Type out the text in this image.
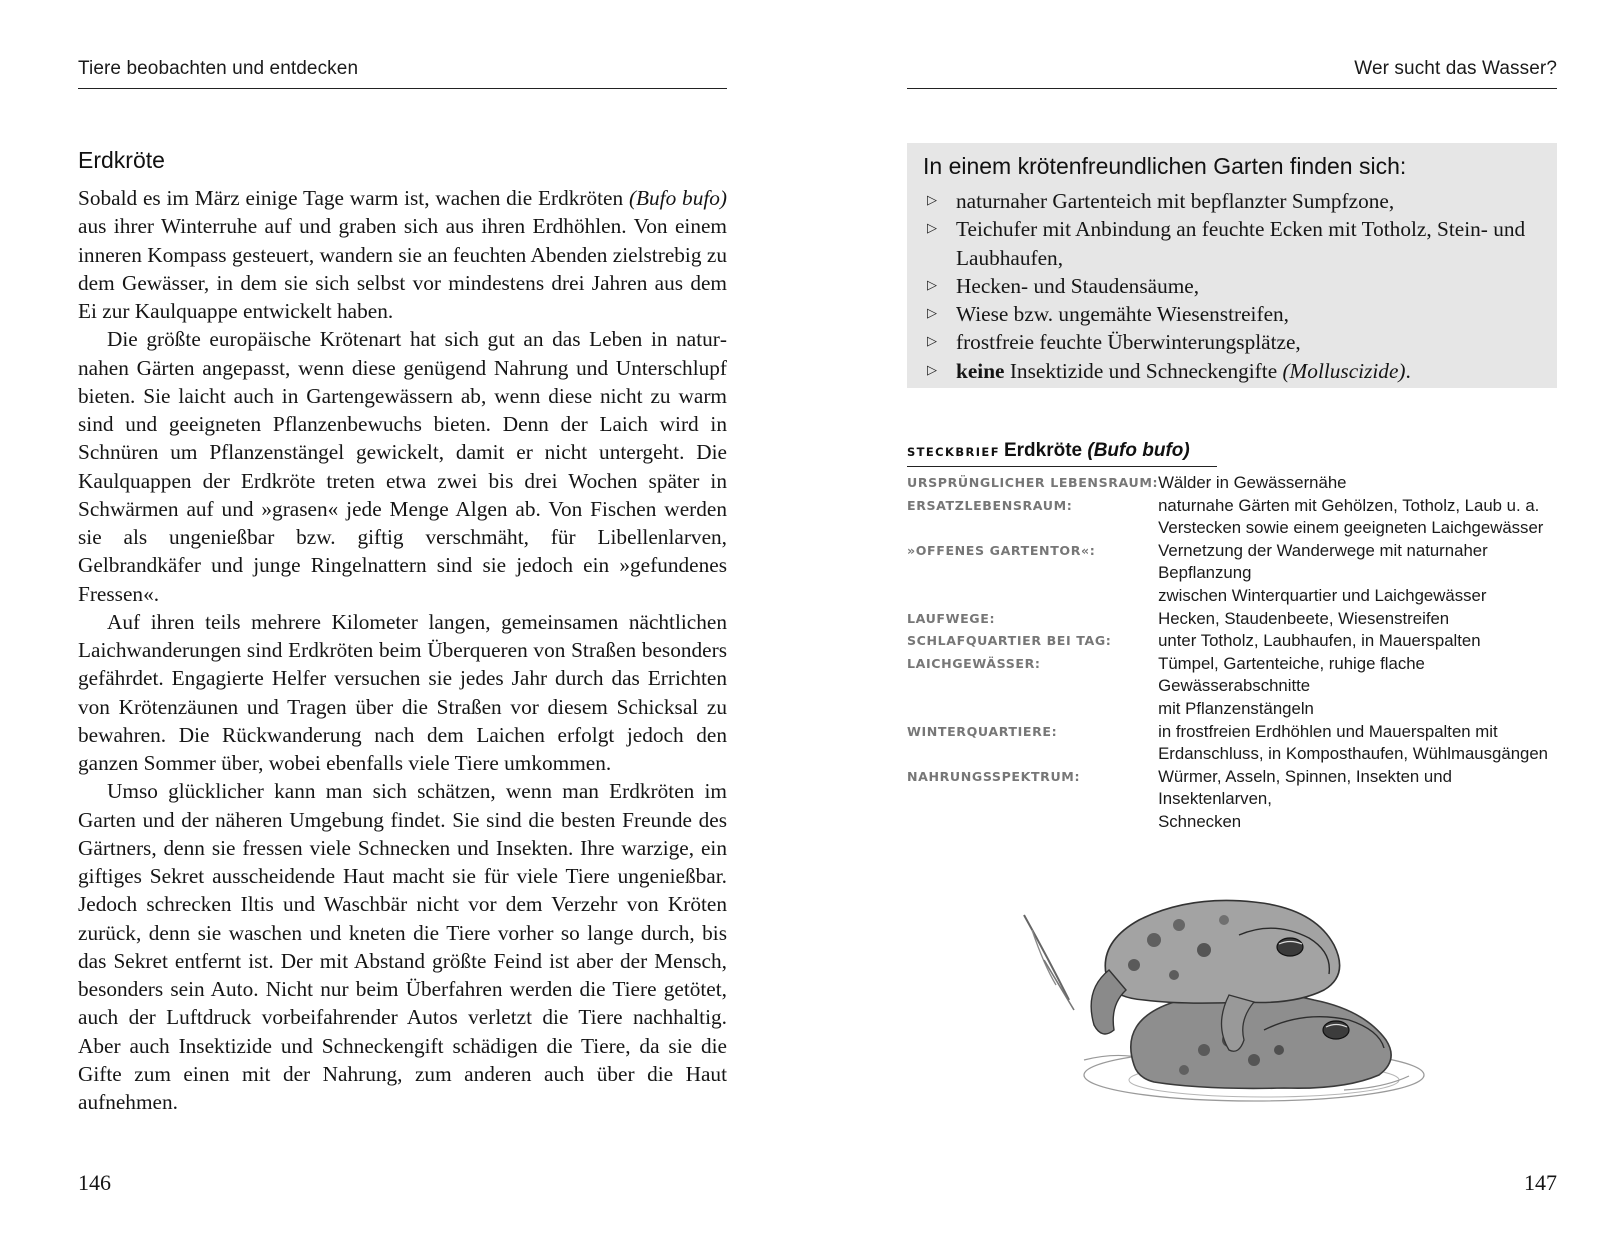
Tiere beobachten und entdecken
Erdkröte

Sobald es im März einige Tage warm ist, wachen die Erdkröten (Bufo bufo) aus ihrer Winterruhe auf und graben sich aus ihren Erdhöhlen. Von einem inneren Kompass gesteuert, wandern sie an feuchten Abenden zielstrebig zu dem Gewässer, in dem sie sich selbst vor mindestens drei Jahren aus dem Ei zur Kaulquappe entwickelt haben.

Die größte europäische Krötenart hat sich gut an das Leben in naturnahen Gärten angepasst, wenn diese genügend Nahrung und Unterschlupf bieten. Sie laicht auch in Gartengewässern ab, wenn diese nicht zu warm sind und geeigneten Pflanzenbewuchs bieten. Denn der Laich wird in Schnüren um Pflanzenstängel gewickelt, damit er nicht untergeht. Die Kaulquappen der Erdkröte treten etwa zwei bis drei Wochen später in Schwärmen auf und »grasen« jede Menge Algen ab. Von Fischen werden sie als ungenießbar bzw. giftig verschmäht, für Libellenlarven, Gelbrandkäfer und junge Ringelnattern sind sie jedoch ein »gefundenes Fressen«.

Auf ihren teils mehrere Kilometer langen, gemeinsamen nächtlichen Laichwanderungen sind Erdkröten beim Überqueren von Straßen besonders gefährdet. Engagierte Helfer versuchen sie jedes Jahr durch das Errichten von Krötenzäunen und Tragen über die Straßen vor diesem Schicksal zu bewahren. Die Rückwanderung nach dem Laichen erfolgt jedoch den ganzen Sommer über, wobei ebenfalls viele Tiere umkommen.

Umso glücklicher kann man sich schätzen, wenn man Erdkröten im Garten und der näheren Umgebung findet. Sie sind die besten Freunde des Gärtners, denn sie fressen viele Schnecken und Insekten. Ihre warzige, ein giftiges Sekret ausscheidende Haut macht sie für viele Tiere ungenießbar. Jedoch schrecken Iltis und Waschbär nicht vor dem Verzehr von Kröten zurück, denn sie waschen und kneten die Tiere vorher so lange durch, bis das Sekret entfernt ist. Der mit Abstand größte Feind ist aber der Mensch, besonders sein Auto. Nicht nur beim Überfahren werden die Tiere getötet, auch der Luftdruck vorbeifahrender Autos verletzt die Tiere nachhaltig. Aber auch Insektizide und Schneckengift schädigen die Tiere, da sie die Gifte zum einen mit der Nahrung, zum anderen auch über die Haut aufnehmen.

146
Wer sucht das Wasser?
In einem krötenfreundlichen Garten finden sich:
▷ naturnaher Gartenteich mit bepflanzter Sumpfzone,
▷ Teichufer mit Anbindung an feuchte Ecken mit Totholz, Stein- und Laubhaufen,
▷ Hecken- und Staudensäume,
▷ Wiese bzw. ungemähte Wiesenstreifen,
▷ frostfreie feuchte Überwinterungsplätze,
▷ keine Insektizide und Schneckengifte (Molluscizide).
STECKBRIEF Erdkröte (Bufo bufo)
URSPRÜNGLICHER LEBENSRAUM:	Wälder in Gewässernähe
ERSATZLEBENSRAUM:	naturnahe Gärten mit Gehölzen, Totholz, Laub u. a.
Verstecken sowie einem geeigneten Laichgewässer

»OFFENES GARTENTOR«:	Vernetzung der Wanderwege mit naturnaher Bepflanzung
zwischen Winterquartier und Laichgewässer

LAUFWEGE:	Hecken, Staudenbeete, Wiesenstreifen
SCHLAFQUARTIER BEI TAG:	unter Totholz, Laubhaufen, in Mauerspalten
LAICHGEWÄSSER:	Tümpel, Gartenteiche, ruhige flache Gewässerabschnitte
mit Pflanzenstängeln

WINTERQUARTIERE:	in frostfreien Erdhöhlen und Mauerspalten mit
Erdanschluss, in Komposthaufen, Wühlmausgängen

NAHRUNGSSPEKTRUM:	Würmer, Asseln, Spinnen, Insekten und Insektenlarven,
Schnecken
147
